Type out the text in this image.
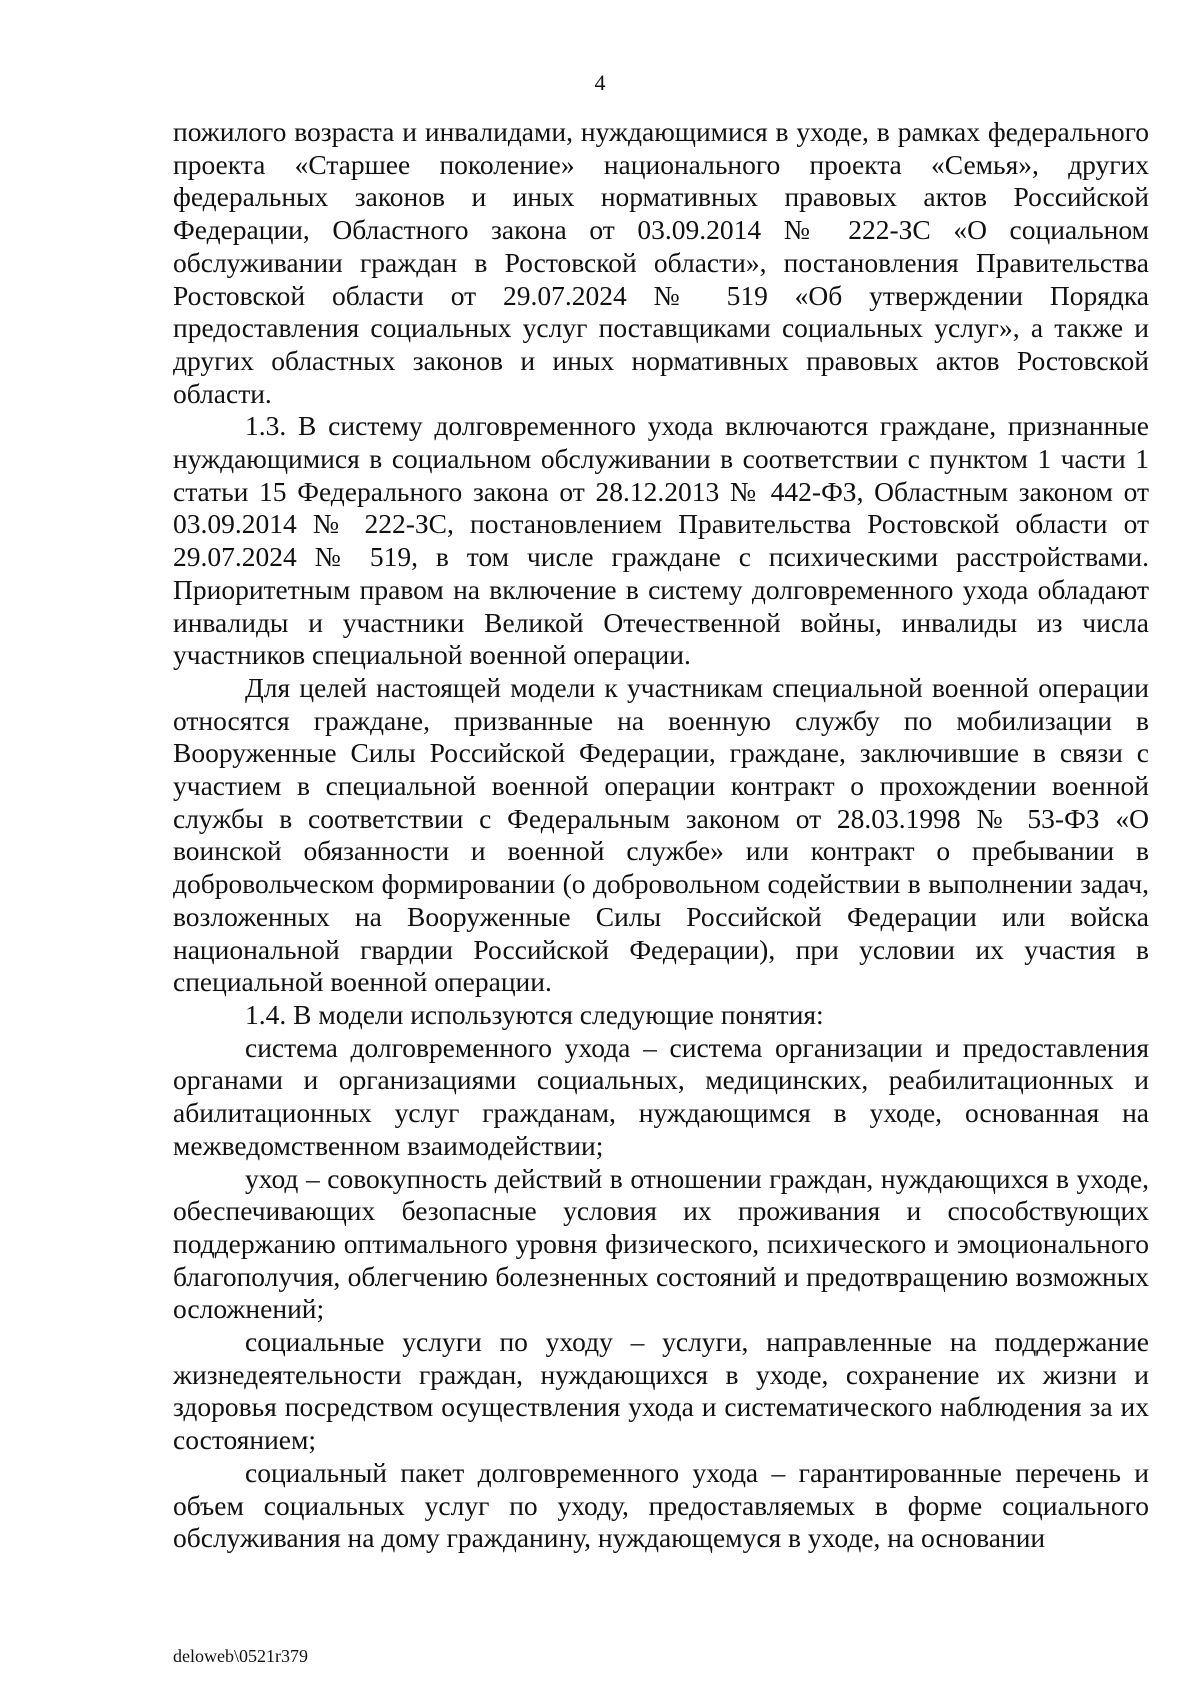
4

пожилого возраста и инвалидами, нуждающимися в уходе, в рамках федерального проекта «Старшее поколение» национального проекта «Семья», других федеральных законов и иных нормативных правовых актов Российской Федерации, Областного закона от 03.09.2014 № 222-ЗС «О социальном обслуживании граждан в Ростовской области», постановления Правительства Ростовской области от 29.07.2024 № 519 «Об утверждении Порядка предоставления социальных услуг поставщиками социальных услуг», а также и других областных законов и иных нормативных правовых актов Ростовской области.

1.3. В систему долговременного ухода включаются граждане, признанные нуждающимися в социальном обслуживании в соответствии с пунктом 1 части 1 статьи 15 Федерального закона от 28.12.2013 № 442-ФЗ, Областным законом от 03.09.2014 № 222-ЗС, постановлением Правительства Ростовской области от 29.07.2024 № 519, в том числе граждане с психическими расстройствами. Приоритетным правом на включение в систему долговременного ухода обладают инвалиды и участники Великой Отечественной войны, инвалиды из числа участников специальной военной операции.

Для целей настоящей модели к участникам специальной военной операции относятся граждане, призванные на военную службу по мобилизации в Вооруженные Силы Российской Федерации, граждане, заключившие в связи с участием в специальной военной операции контракт о прохождении военной службы в соответствии с Федеральным законом от 28.03.1998 № 53-ФЗ «О воинской обязанности и военной службе» или контракт о пребывании в добровольческом формировании (о добровольном содействии в выполнении задач, возложенных на Вооруженные Силы Российской Федерации или войска национальной гвардии Российской Федерации), при условии их участия в специальной военной операции.

1.4. В модели используются следующие понятия:

система долговременного ухода – система организации и предоставления органами и организациями социальных, медицинских, реабилитационных и абилитационных услуг гражданам, нуждающимся в уходе, основанная на межведомственном взаимодействии;

уход – совокупность действий в отношении граждан, нуждающихся в уходе, обеспечивающих безопасные условия их проживания и способствующих поддержанию оптимального уровня физического, психического и эмоционального благополучия, облегчению болезненных состояний и предотвращению возможных осложнений;

социальные услуги по уходу – услуги, направленные на поддержание жизнедеятельности граждан, нуждающихся в уходе, сохранение их жизни и здоровья посредством осуществления ухода и систематического наблюдения за их состоянием;

социальный пакет долговременного ухода – гарантированные перечень и объем социальных услуг по уходу, предоставляемых в форме социального обслуживания на дому гражданину, нуждающемуся в уходе, на основании

deloweb\0521r379
